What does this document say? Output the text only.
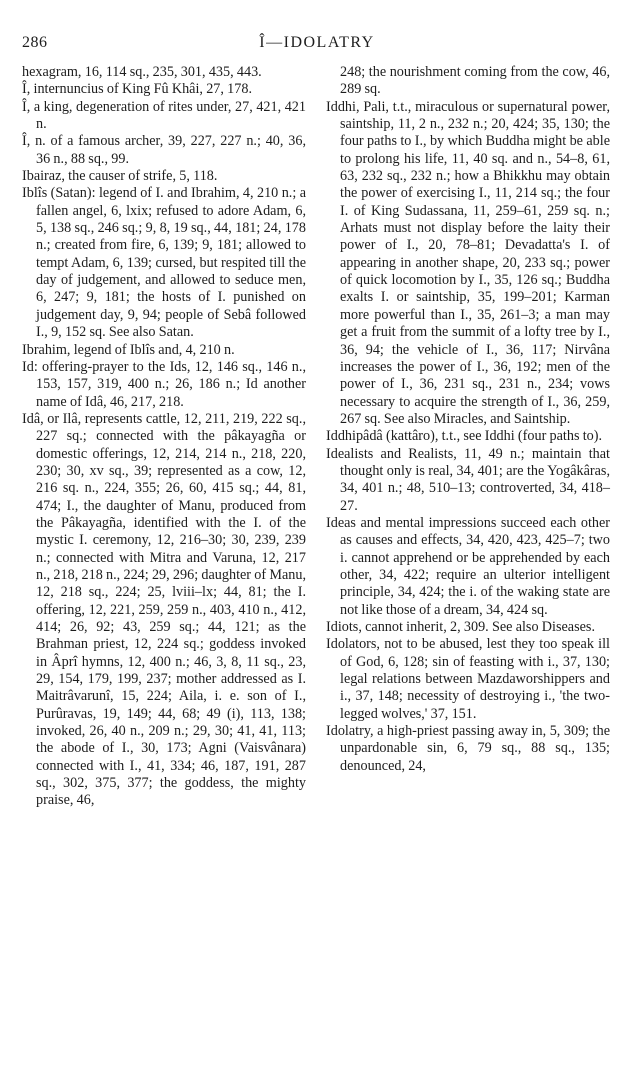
286	Î—IDOLATRY

hexagram, 16, 114 sq., 235, 301, 435, 443.

Î, internuncius of King Fû Khâi, 27, 178.

Î, a king, degeneration of rites under, 27, 421, 421 n.

Î, n. of a famous archer, 39, 227, 227 n.; 40, 36, 36 n., 88 sq., 99.

Ibairaz, the causer of strife, 5, 118.

Iblîs (Satan): legend of I. and Ibrahim, 4, 210 n.; a fallen angel, 6, lxix; refused to adore Adam, 6, 5, 138 sq., 246 sq.; 9, 8, 19 sq., 44, 181; 24, 178 n.; created from fire, 6, 139; 9, 181; allowed to tempt Adam, 6, 139; cursed, but respited till the day of judgement, and allowed to seduce men, 6, 247; 9, 181; the hosts of I. punished on judgement day, 9, 94; people of Sebâ followed I., 9, 152 sq. See also Satan.

Ibrahim, legend of Iblîs and, 4, 210 n.

Id: offering-prayer to the Ids, 12, 146 sq., 146 n., 153, 157, 319, 400 n.; 26, 186 n.; Id another name of Idâ, 46, 217, 218.

Idâ, or Ilâ, represents cattle, 12, 211, 219, 222 sq., 227 sq.; connected with the pâkayagña or domestic offerings, 12, 214, 214 n., 218, 220, 230; 30, xv sq., 39; represented as a cow, 12, 216 sq. n., 224, 355; 26, 60, 415 sq.; 44, 81, 474; I., the daughter of Manu, produced from the Pâkayagña, identified with the I. of the mystic I. ceremony, 12, 216–30; 30, 239, 239 n.; connected with Mitra and Varuna, 12, 217 n., 218, 218 n., 224; 29, 296; daughter of Manu, 12, 218 sq., 224; 25, lviii–lx; 44, 81; the I. offering, 12, 221, 259, 259 n., 403, 410 n., 412, 414; 26, 92; 43, 259 sq.; 44, 121; as the Brahman priest, 12, 224 sq.; goddess invoked in Âprî hymns, 12, 400 n.; 46, 3, 8, 11 sq., 23, 29, 154, 179, 199, 237; mother addressed as I. Maitrâvarunî, 15, 224; Aila, i. e. son of I., Purûravas, 19, 149; 44, 68; 49 (i), 113, 138; invoked, 26, 40 n., 209 n.; 29, 30; 41, 41, 113; the abode of I., 30, 173; Agni (Vaisvânara) connected with I., 41, 334; 46, 187, 191, 287 sq., 302, 375, 377; the goddess, the mighty praise, 46,

248; the nourishment coming from the cow, 46, 289 sq.

Iddhi, Pali, t.t., miraculous or supernatural power, saintship, 11, 2 n., 232 n.; 20, 424; 35, 130; the four paths to I., by which Buddha might be able to prolong his life, 11, 40 sq. and n., 54–8, 61, 63, 232 sq., 232 n.; how a Bhikkhu may obtain the power of exercising I., 11, 214 sq.; the four I. of King Sudassana, 11, 259–61, 259 sq. n.; Arhats must not display before the laity their power of I., 20, 78–81; Devadatta's I. of appearing in another shape, 20, 233 sq.; power of quick locomotion by I., 35, 126 sq.; Buddha exalts I. or saintship, 35, 199–201; Karman more powerful than I., 35, 261–3; a man may get a fruit from the summit of a lofty tree by I., 36, 94; the vehicle of I., 36, 117; Nirvâna increases the power of I., 36, 192; men of the power of I., 36, 231 sq., 231 n., 234; vows necessary to acquire the strength of I., 36, 259, 267 sq. See also Miracles, and Saintship.

Iddhipâdâ (kattâro), t.t., see Iddhi (four paths to).

Idealists and Realists, 11, 49 n.; maintain that thought only is real, 34, 401; are the Yogâkâras, 34, 401 n.; 48, 510–13; controverted, 34, 418–27.

Ideas and mental impressions succeed each other as causes and effects, 34, 420, 423, 425–7; two i. cannot apprehend or be apprehended by each other, 34, 422; require an ulterior intelligent principle, 34, 424; the i. of the waking state are not like those of a dream, 34, 424 sq.

Idiots, cannot inherit, 2, 309. See also Diseases.

Idolators, not to be abused, lest they too speak ill of God, 6, 128; sin of feasting with i., 37, 130; legal relations between Mazdaworshippers and i., 37, 148; necessity of destroying i., 'the two-legged wolves,' 37, 151.

Idolatry, a high-priest passing away in, 5, 309; the unpardonable sin, 6, 79 sq., 88 sq., 135; denounced, 24,
